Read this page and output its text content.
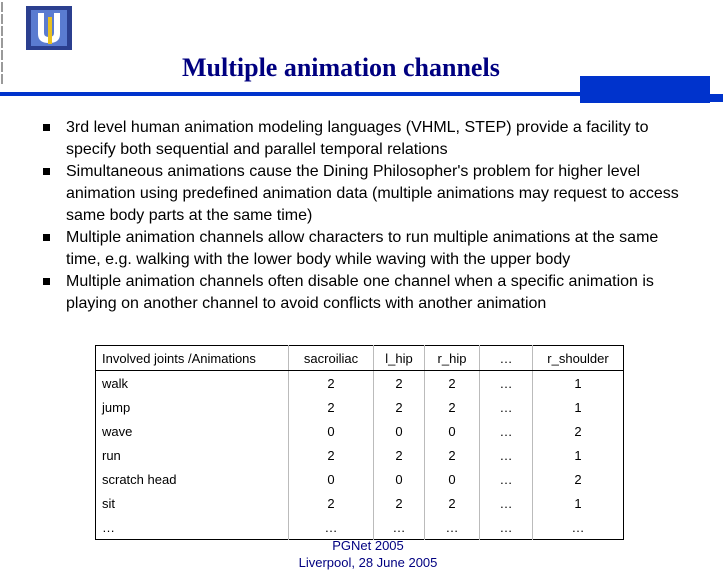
Multiple animation channels
3rd level human animation modeling languages (VHML, STEP) provide a facility to specify both sequential and parallel temporal relations
Simultaneous animations cause the Dining Philosopher's problem for higher level animation using predefined animation data (multiple animations may request to access same body parts at the same time)
Multiple animation channels allow characters to run multiple animations at the same time, e.g. walking with the lower body while waving with the upper body
Multiple animation channels often disable one channel when a specific animation is playing on another channel to avoid conflicts with another animation
Involved joints /Animations	sacroiliac	l_hip	r_hip	…	r_shoulder
walk	2	2	2	…	1
jump	2	2	2	…	1
wave	0	0	0	…	2
run	2	2	2	…	1
scratch head	0	0	0	…	2
sit	2	2	2	…	1
…	…	…	…	…	…
PGNet 2005
Liverpool, 28 June 2005
